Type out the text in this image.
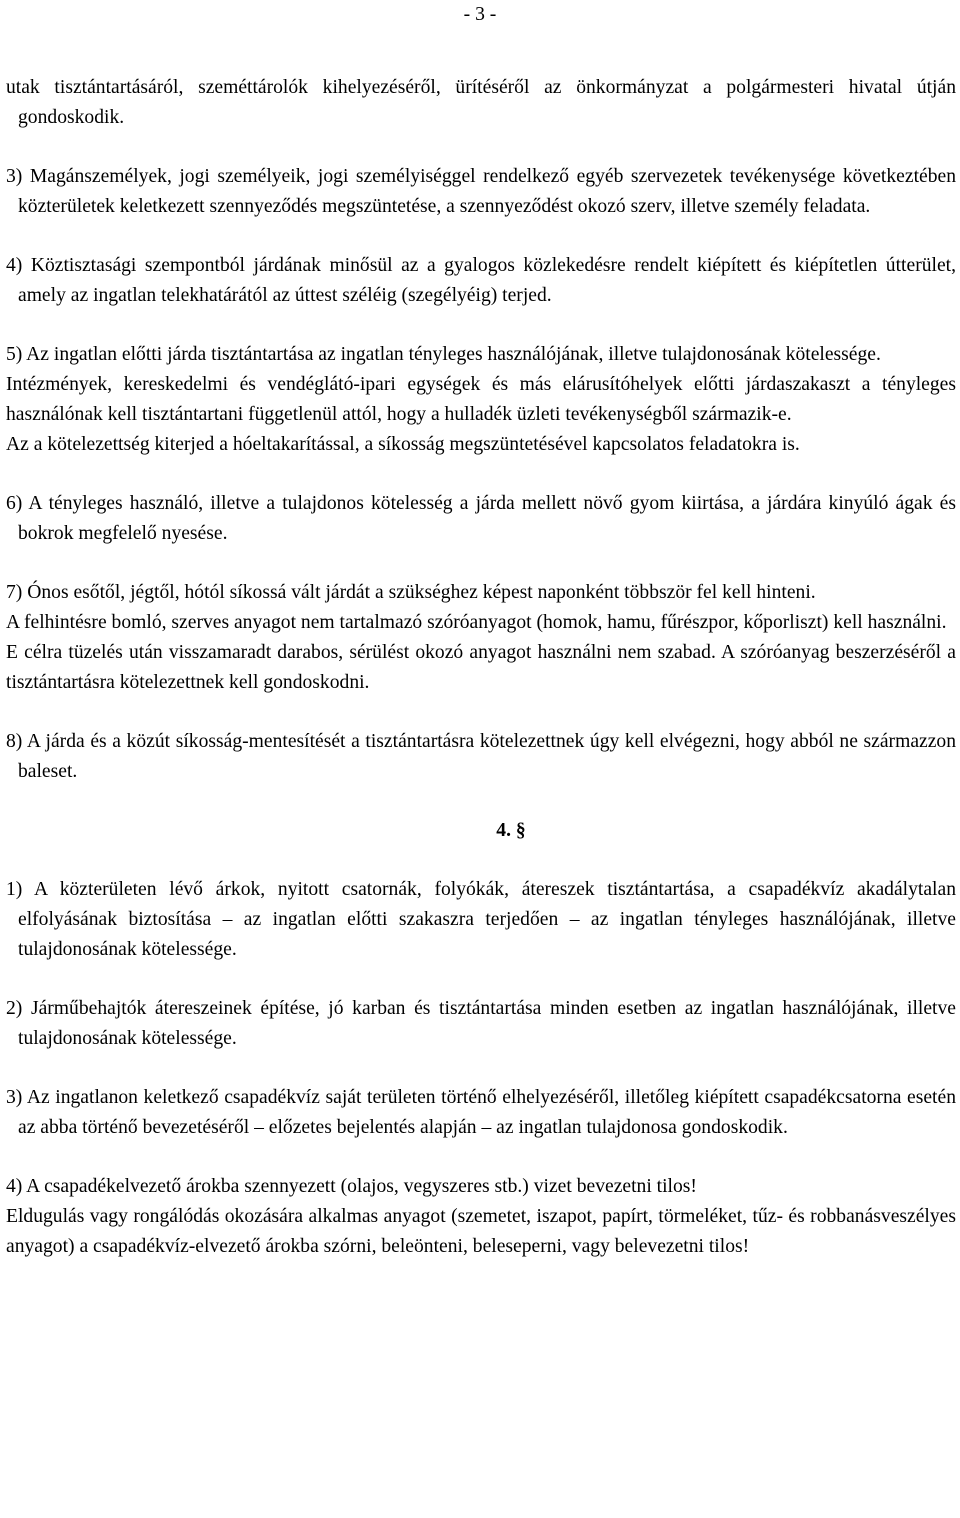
- 3 -

utak tisztántartásáról, szeméttárolók kihelyezéséről, ürítéséről az önkormányzat a polgármesteri hivatal útján gondoskodik.

3) Magánszemélyek, jogi személyeik, jogi személyiséggel rendelkező egyéb szervezetek tevékenysége következtében közterületek keletkezett szennyeződés megszüntetése, a szennyeződést okozó szerv, illetve személy feladata.

4) Köztisztasági szempontból járdának minősül az a gyalogos közlekedésre rendelt kiépített és kiépítetlen útterület, amely az ingatlan telekhatárától az úttest széléig (szegélyéig) terjed.

5) Az ingatlan előtti járda tisztántartása az ingatlan tényleges használójának, illetve tulajdonosának kötelessége.

Intézmények, kereskedelmi és vendéglátó-ipari egységek és más elárusítóhelyek előtti járdaszakaszt a tényleges használónak kell tisztántartani függetlenül attól, hogy a hulladék üzleti tevékenységből származik-e.

Az a kötelezettség kiterjed a hóeltakarítással, a síkosság megszüntetésével kapcsolatos feladatokra is.

6) A tényleges használó, illetve a tulajdonos kötelesség a járda mellett növő gyom kiirtása, a járdára kinyúló ágak és bokrok megfelelő nyesése.

7) Ónos esőtől, jégtől, hótól síkossá vált járdát a szükséghez képest naponként többször fel kell hinteni.

A felhintésre bomló, szerves anyagot nem tartalmazó szóróanyagot (homok, hamu, fűrészpor, kőporliszt) kell használni.

E célra tüzelés után visszamaradt darabos, sérülést okozó anyagot használni nem szabad. A szóróanyag beszerzéséről a tisztántartásra kötelezettnek kell gondoskodni.

8) A járda és a közút síkosság-mentesítését a tisztántartásra kötelezettnek úgy kell elvégezni, hogy abból ne származzon baleset.

4. §

1) A közterületen lévő árkok, nyitott csatornák, folyókák, átereszek tisztántartása, a csapadékvíz akadálytalan elfolyásának biztosítása – az ingatlan előtti szakaszra terjedően – az ingatlan tényleges használójának, illetve tulajdonosának kötelessége.

2) Járműbehajtók átereszeinek építése, jó karban és tisztántartása minden esetben az ingatlan használójának, illetve tulajdonosának kötelessége.

3) Az ingatlanon keletkező csapadékvíz saját területen történő elhelyezéséről, illetőleg kiépített csapadékcsatorna esetén az abba történő bevezetéséről – előzetes bejelentés alapján – az ingatlan tulajdonosa gondoskodik.

4) A csapadékelvezető árokba szennyezett (olajos, vegyszeres stb.) vizet bevezetni tilos!

Eldugulás vagy rongálódás okozására alkalmas anyagot (szemetet, iszapot, papírt, törmeléket, tűz- és robbanásveszélyes anyagot) a csapadékvíz-elvezető árokba szórni, beleönteni, beleseperni, vagy belevezetni tilos!
